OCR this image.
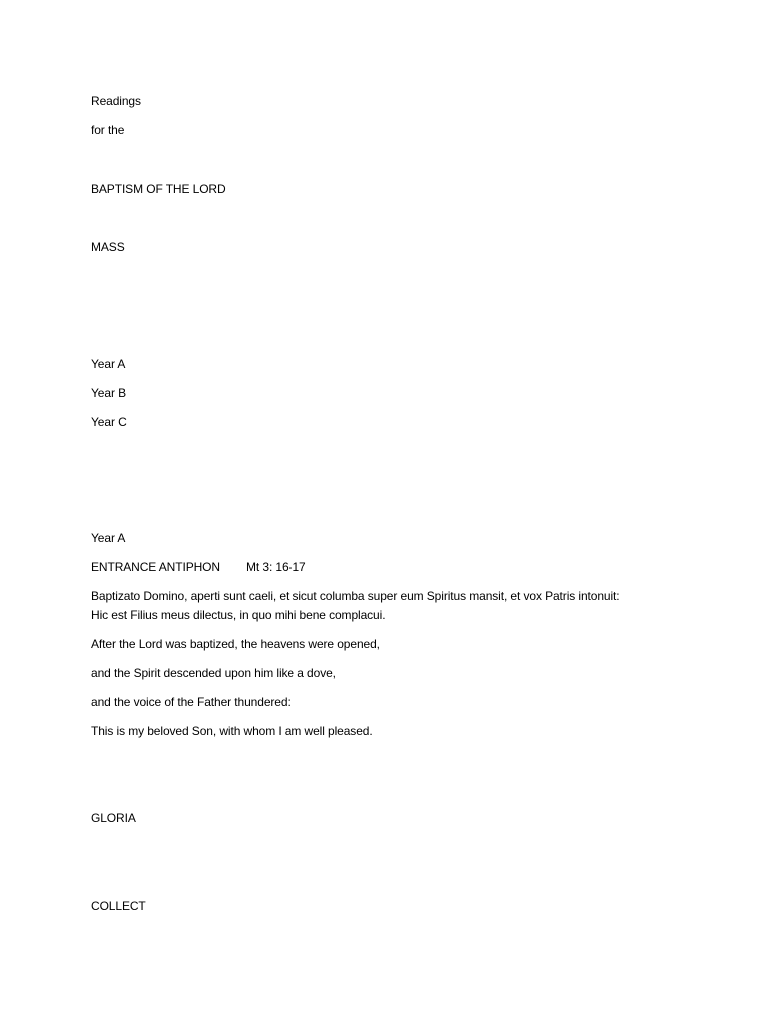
Readings
for the
BAPTISM OF THE LORD
MASS
Year A
Year B
Year C
Year A
ENTRANCE ANTIPHON Mt 3: 16-17
Baptizato Domino, aperti sunt caeli, et sicut columba super eum Spiritus mansit, et vox Patris intonuit:
Hic est Filius meus dilectus, in quo mihi bene complacui.
After the Lord was baptized, the heavens were opened,
and the Spirit descended upon him like a dove,
and the voice of the Father thundered:
This is my beloved Son, with whom I am well pleased.
GLORIA
COLLECT
